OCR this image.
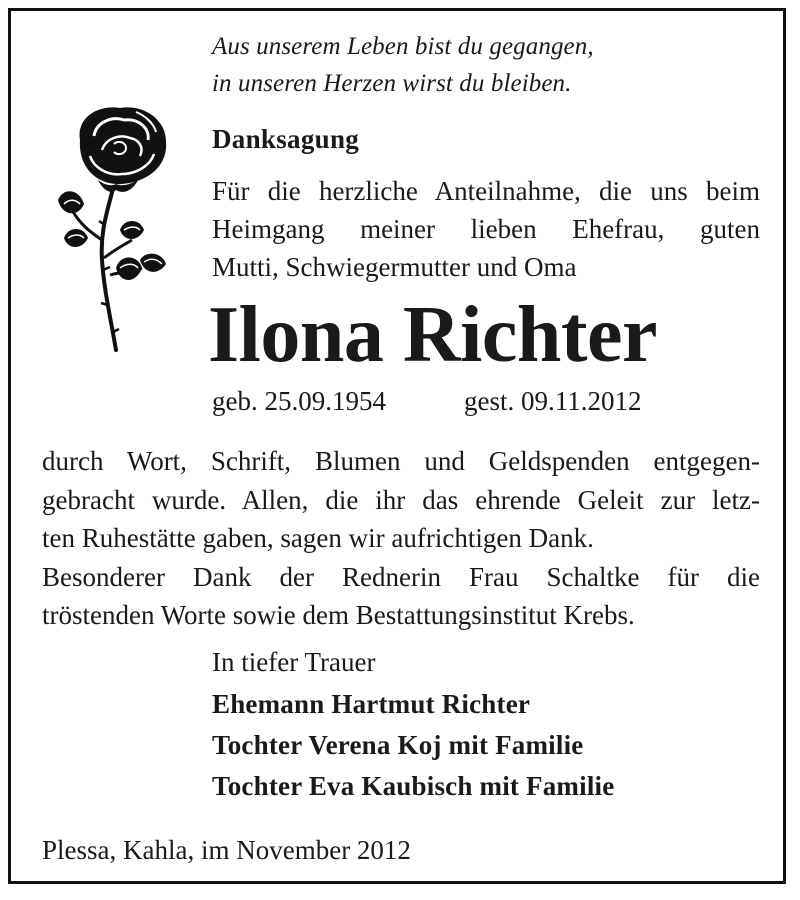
Aus unserem Leben bist du gegangen,
in unseren Herzen wirst du bleiben.

Danksagung

Für die herzliche Anteilnahme, die uns beim
Heimgang meiner lieben Ehefrau, guten
Mutti, Schwiegermutter und Oma

Ilona Richter
geb. 25.09.1954	gest. 09.11.2012

durch Wort, Schrift, Blumen und Geldspenden entgegen-
gebracht wurde. Allen, die ihr das ehrende Geleit zur letz-
ten Ruhestätte gaben, sagen wir aufrichtigen Dank.
Besonderer Dank der Rednerin Frau Schaltke für die
tröstenden Worte sowie dem Bestattungsinstitut Krebs.

In tiefer Trauer

Ehemann Hartmut Richter
Tochter Verena Koj mit Familie
Tochter Eva Kaubisch mit Familie

Plessa, Kahla, im November 2012
